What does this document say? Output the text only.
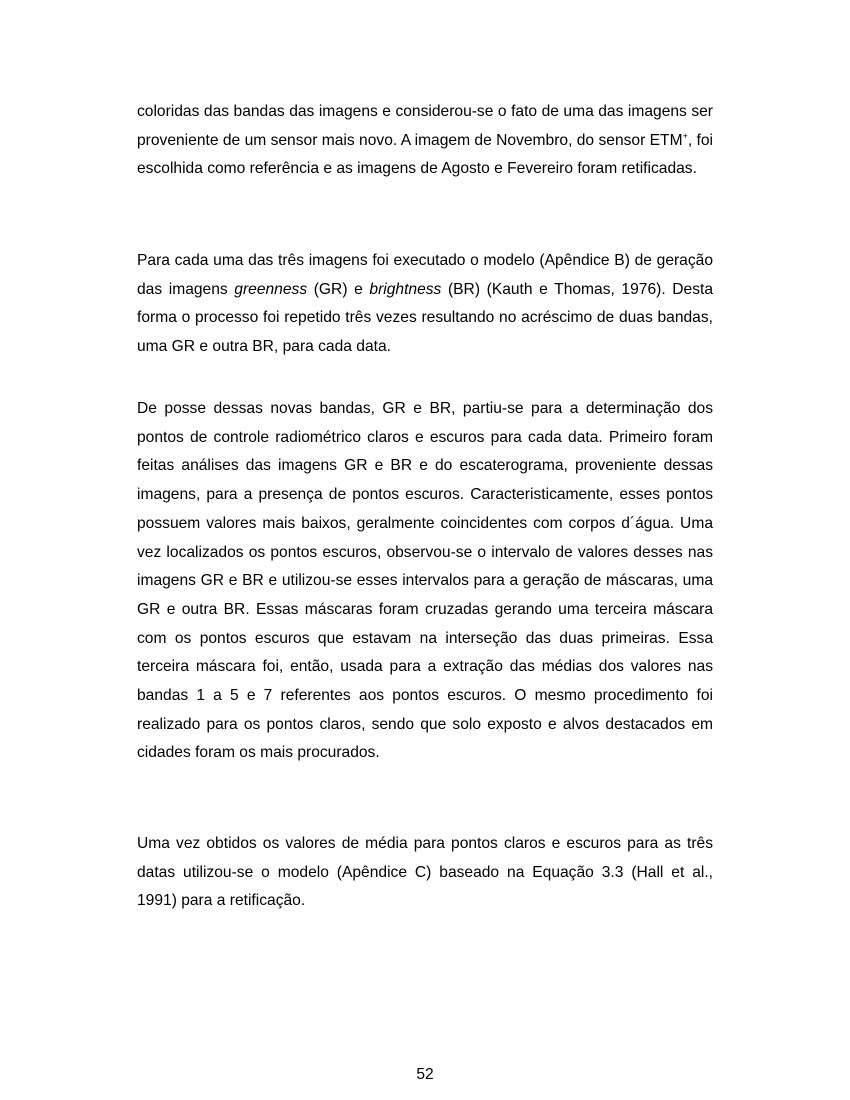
coloridas das bandas das imagens e considerou-se o fato de uma das imagens ser proveniente de um sensor mais novo. A imagem de Novembro, do sensor ETM+, foi escolhida como referência e as imagens de Agosto e Fevereiro foram retificadas.

Para cada uma das três imagens foi executado o modelo (Apêndice B) de geração das imagens greenness (GR) e brightness (BR) (Kauth e Thomas, 1976). Desta forma o processo foi repetido três vezes resultando no acréscimo de duas bandas, uma GR e outra BR, para cada data.

De posse dessas novas bandas, GR e BR, partiu-se para a determinação dos pontos de controle radiométrico claros e escuros para cada data. Primeiro foram feitas análises das imagens GR e BR e do escaterograma, proveniente dessas imagens, para a presença de pontos escuros. Caracteristicamente, esses pontos possuem valores mais baixos, geralmente coincidentes com corpos d´água. Uma vez localizados os pontos escuros, observou-se o intervalo de valores desses nas imagens GR e BR e utilizou-se esses intervalos para a geração de máscaras, uma GR e outra BR. Essas máscaras foram cruzadas gerando uma terceira máscara com os pontos escuros que estavam na interseção das duas primeiras. Essa terceira máscara foi, então, usada para a extração das médias dos valores nas bandas 1 a 5 e 7 referentes aos pontos escuros. O mesmo procedimento foi realizado para os pontos claros, sendo que solo exposto e alvos destacados em cidades foram os mais procurados.

Uma vez obtidos os valores de média para pontos claros e escuros para as três datas utilizou-se o modelo (Apêndice C) baseado na Equação 3.3 (Hall et al., 1991) para a retificação.

52
